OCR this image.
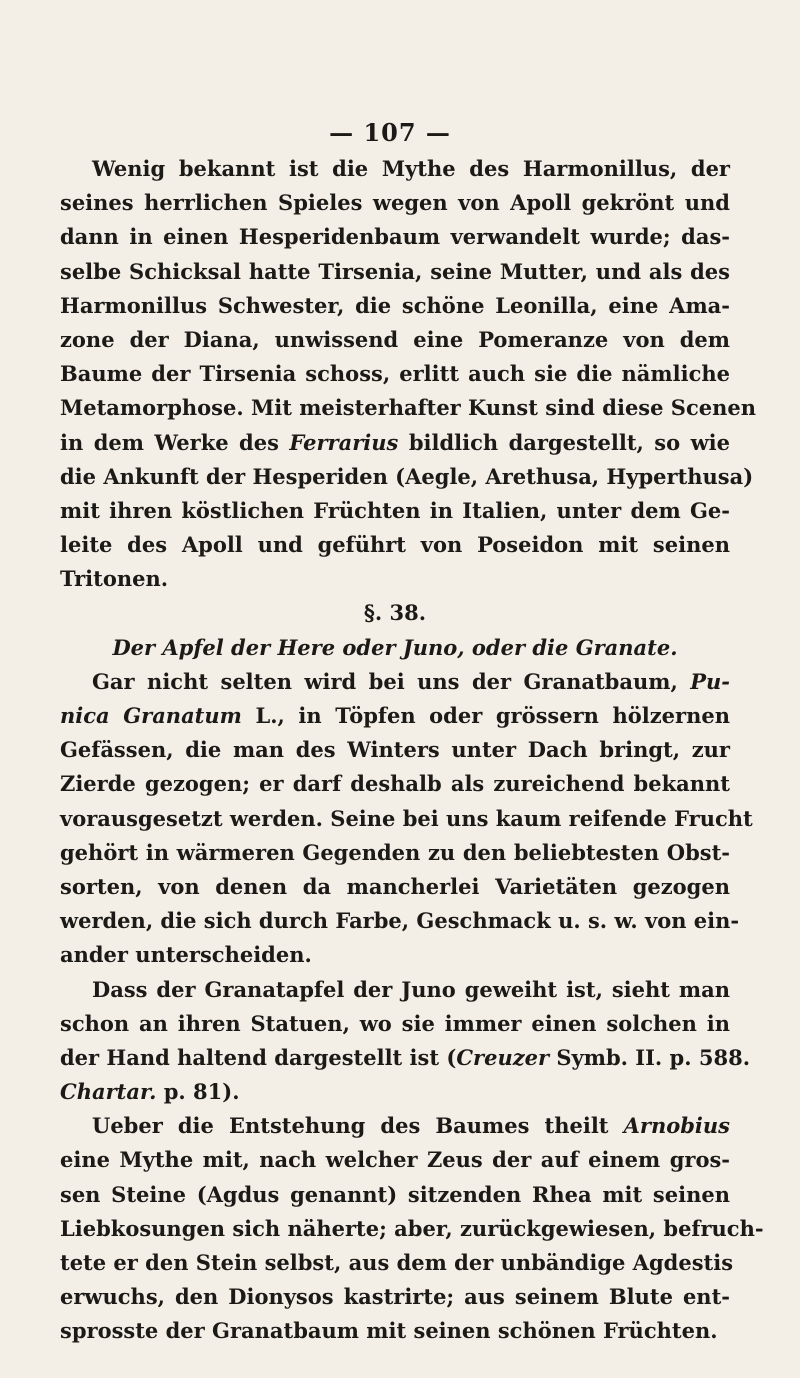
— 107 —
Wenig bekannt ist die Mythe des Harmonillus, der
seines herrlichen Spieles wegen von Apoll gekrönt und
dann in einen Hesperidenbaum verwandelt wurde; das-
selbe Schicksal hatte Tirsenia, seine Mutter, und als des
Harmonillus Schwester, die schöne Leonilla, eine Ama-
zone der Diana, unwissend eine Pomeranze von dem
Baume der Tirsenia schoss, erlitt auch sie die nämliche
Metamorphose. Mit meisterhafter Kunst sind diese Scenen
in dem Werke des Ferrarius bildlich dargestellt, so wie
die Ankunft der Hesperiden (Aegle, Arethusa, Hyperthusa)
mit ihren köstlichen Früchten in Italien, unter dem Ge-
leite des Apoll und geführt von Poseidon mit seinen
Tritonen.
§. 38.
Der Apfel der Here oder Juno, oder die Granate.
Gar nicht selten wird bei uns der Granatbaum, Pu-
nica Granatum L., in Töpfen oder grössern hölzernen
Gefässen, die man des Winters unter Dach bringt, zur
Zierde gezogen; er darf deshalb als zureichend bekannt
vorausgesetzt werden. Seine bei uns kaum reifende Frucht
gehört in wärmeren Gegenden zu den beliebtesten Obst-
sorten, von denen da mancherlei Varietäten gezogen
werden, die sich durch Farbe, Geschmack u. s. w. von ein-
ander unterscheiden.
Dass der Granatapfel der Juno geweiht ist, sieht man
schon an ihren Statuen, wo sie immer einen solchen in
der Hand haltend dargestellt ist (Creuzer Symb. II. p. 588.
Chartar. p. 81).
Ueber die Entstehung des Baumes theilt Arnobius
eine Mythe mit, nach welcher Zeus der auf einem gros-
sen Steine (Agdus genannt) sitzenden Rhea mit seinen
Liebkosungen sich näherte; aber, zurückgewiesen, befruch-
tete er den Stein selbst, aus dem der unbändige Agdestis
erwuchs, den Dionysos kastrirte; aus seinem Blute ent-
sprosste der Granatbaum mit seinen schönen Früchten.
